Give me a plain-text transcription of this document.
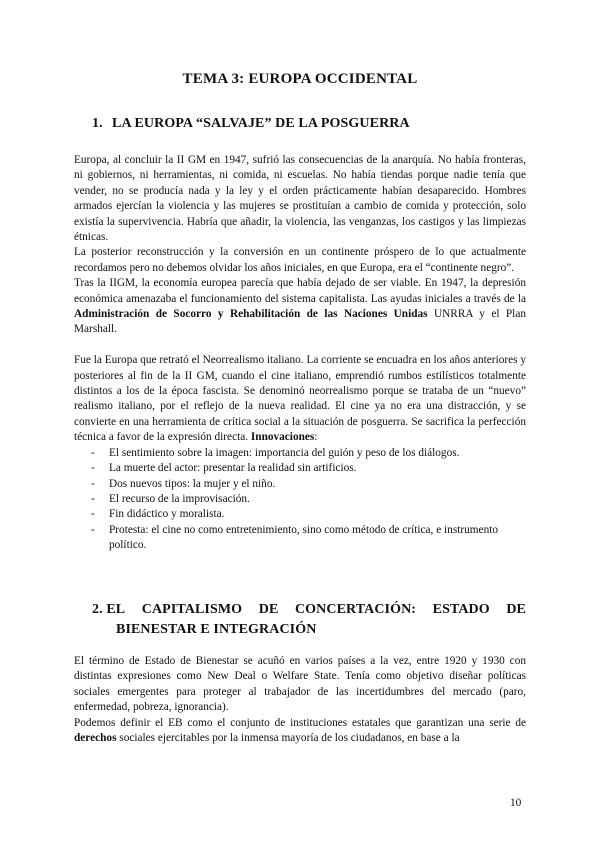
TEMA 3: EUROPA OCCIDENTAL
1. LA EUROPA “SALVAJE” DE LA POSGUERRA

Europa, al concluir la II GM en 1947, sufrió las consecuencias de la anarquía. No había fronteras, ni gobiernos, ni herramientas, ni comida, ni escuelas. No había tiendas porque nadie tenía que vender, no se producía nada y la ley y el orden prácticamente habían desaparecido. Hombres armados ejercían la violencia y las mujeres se prostituían a cambio de comida y protección, solo existía la supervivencia. Habría que añadir, la violencia, las venganzas, los castigos y las limpiezas étnicas.

La posterior reconstrucción y la conversión en un continente próspero de lo que actualmente recordamos pero no debemos olvidar los años iniciales, en que Europa, era el “continente negro”.

Tras la IIGM, la economía europea parecía que había dejado de ser viable. En 1947, la depresión económica amenazaba el funcionamiento del sistema capitalista. Las ayudas iniciales a través de la Administración de Socorro y Rehabilitación de las Naciones Unidas UNRRA y el Plan Marshall.

Fue la Europa que retrató el Neorrealismo italiano. La corriente se encuadra en los años anteriores y posteriores al fin de la II GM, cuando el cine italiano, emprendió rumbos estilísticos totalmente distintos a los de la época fascista. Se denominó neorrealismo porque se trataba de un “nuevo” realismo italiano, por el reflejo de la nueva realidad. El cine ya no era una distracción, y se convierte en una herramienta de crítica social a la situación de posguerra. Se sacrifica la perfección técnica a favor de la expresión directa. Innovaciones:

- El sentimiento sobre la imagen: importancia del guión y peso de los diálogos.
- La muerte del actor: presentar la realidad sin artificios.
- Dos nuevos tipos: la mujer y el niño.
- El recurso de la improvisación.
- Fin didáctico y moralista.
- Protesta: el cine no como entretenimiento, sino como método de crítica, e instrumento político.
2. EL CAPITALISMO DE CONCERTACIÓN: ESTADO DE
BIENESTAR E INTEGRACIÓN

El término de Estado de Bienestar se acuñó en varios países a la vez, entre 1920 y 1930 con distintas expresiones como New Deal o Welfare State. Tenía como objetivo diseñar políticas sociales emergentes para proteger al trabajador de las incertidumbres del mercado (paro, enfermedad, pobreza, ignorancia).

Podemos definir el EB como el conjunto de instituciones estatales que garantizan una serie de derechos sociales ejercitables por la inmensa mayoría de los ciudadanos, en base a la

10
